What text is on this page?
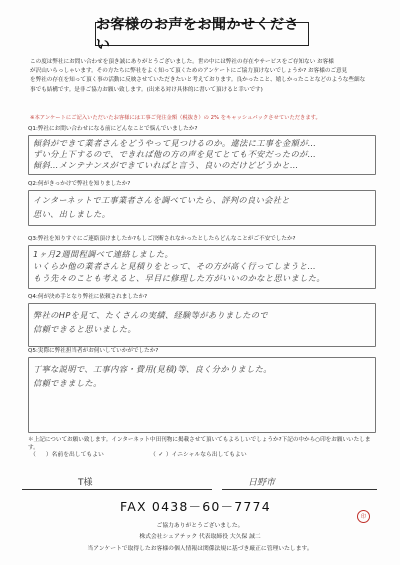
お客様のお声をお聞かせください
この度は弊社にお問い合わせを頂き誠にありがとうございました。世の中には弊社の存在やサービスをご存知ない お客様
が沢山いらっしゃいます。その方たちに弊社をよく知って頂くためのアンケートにご協力頂けないでしょうか? お客様のご意見
を弊社の存在を知って頂く事の活動に反映させていただきたいと考えております。良かったこと、嬉しかったことなどのような些細な
事でも結構です。是非ご協力お願い致します。(出来る対け具体的に書いて頂けると幸いです)
※本アンケートにご記入いただいたお客様には工事ご発注金額（税抜き）の 2% をキャッシュバックさせていただきます。
Q1:弊社にお問い合わせになる前にどんなことで悩んでいましたか?
傾斜ができて業者さんをどうやって見つけるのか。違法に工事を金額が…
ずい分上下するので、できれば他の方の声を見てとても不安だったのが…
傾斜…メンテナンスができていればと言う、良いのだけどどうかと…
Q2:何がきっかけで弊社を知りましたか?
インターネットで工事業者さんを調べていたら、評判の良い会社と
思い、出しました。
Q3:弊社を知りすぐにご連絡頂けましたか?もしご決断されなかったとしたらどんなことがご不安でしたか?
1ヶ月2週間程調べて連絡しました。
いくらか他の業者さんと見積りをとって、その方が高く行ってしまうと…
もう先々のことも考えると、早目に修理した方がいいのかなと思いました。
Q4:何が決め手となり弊社に依頼されましたか?
弊社のHPを見て、たくさんの実績、経験等がありましたので
信頼できると思いました。
Q5:実際に弊社担当者がお伺いしていかがでしたか?
丁寧な説明で、工事内容・費用(見積)等、良く分かりました。
信頼できました。
＊上記についてお願い致します。インターネット中田刊物に掲載させて頂いてもよろしいでしょうか?下記の中から○印をお願いいたします。
（ ）名前を出してもよい	（ ✓ ）イニシャルなら出してもよい
T様	日野市
FAX 0438－60－7774
印
ご協力ありがとうございました。
株式会社シェアテック 代表取締役 大久保 誠二
当アンケートで取得したお客様の個人情報は関係法規に基づき厳正に管理いたします。
